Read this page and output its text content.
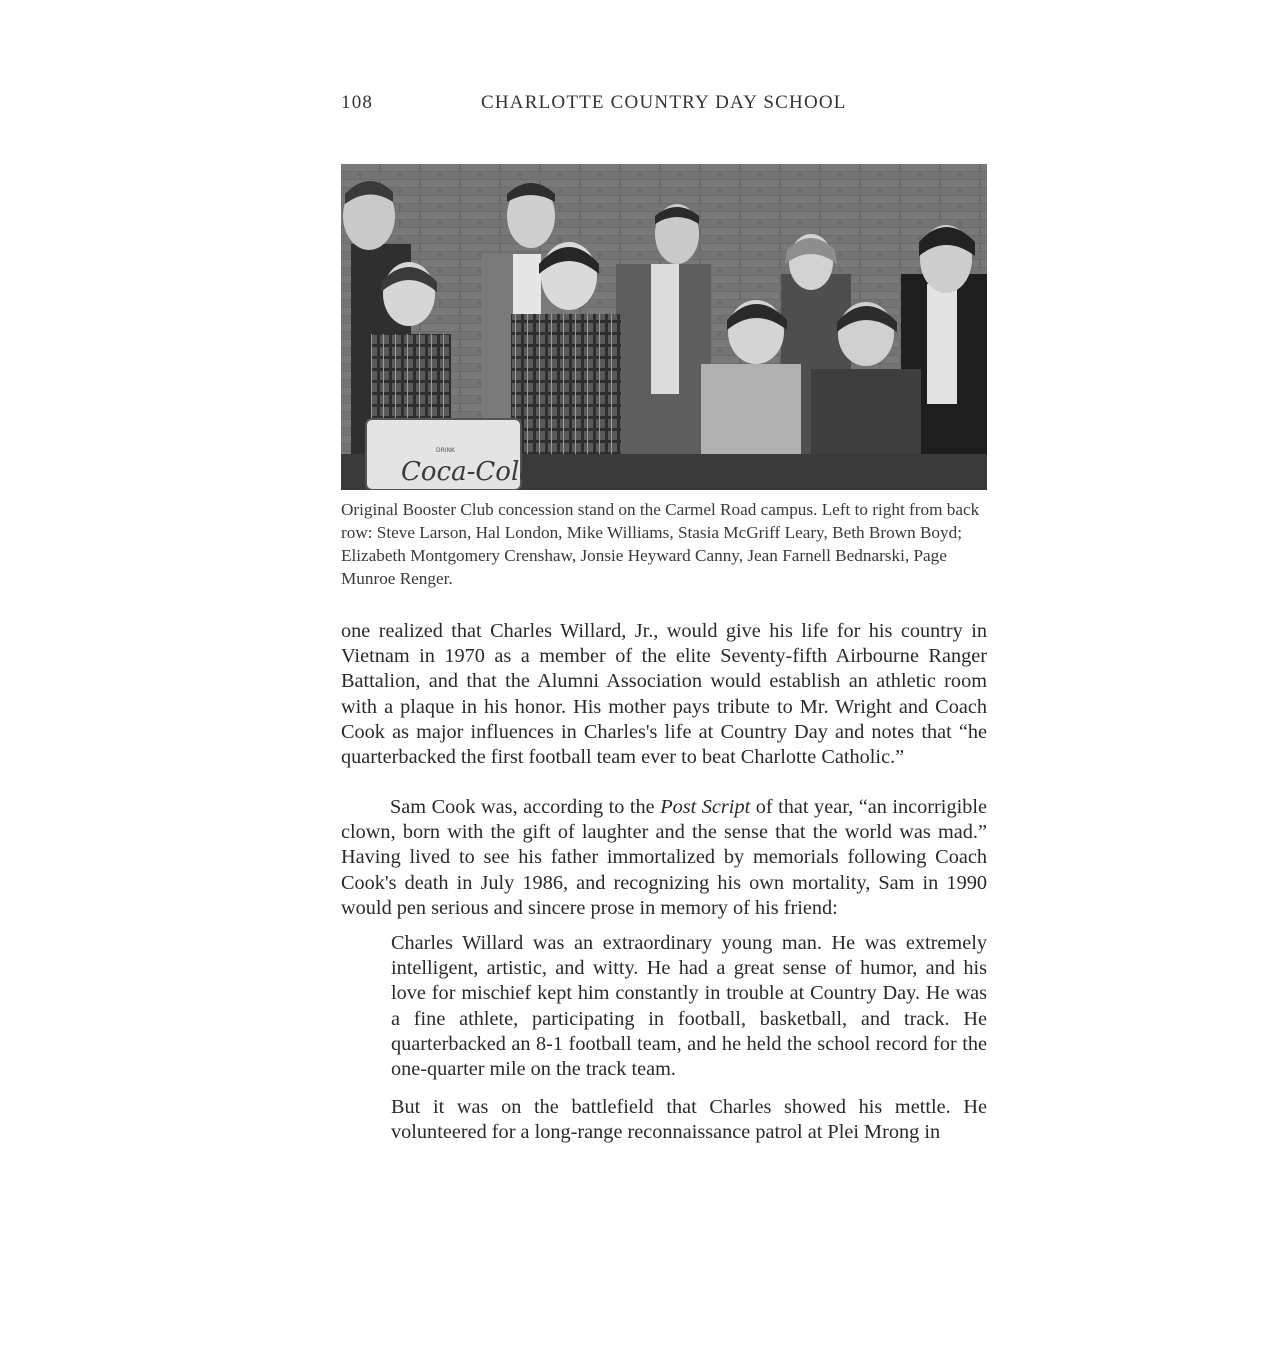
108	CHARLOTTE COUNTRY DAY SCHOOL
DRINK
Coca-Cola
Original Booster Club concession stand on the Carmel Road campus. Left to right from back row: Steve Larson, Hal London, Mike Williams, Stasia McGriff Leary, Beth Brown Boyd; Elizabeth Montgomery Crenshaw, Jonsie Heyward Canny, Jean Farnell Bednarski, Page Munroe Renger.

one realized that Charles Willard, Jr., would give his life for his country in Vietnam in 1970 as a member of the elite Seventy-fifth Airbourne Ranger Battalion, and that the Alumni Association would establish an athletic room with a plaque in his honor. His mother pays tribute to Mr. Wright and Coach Cook as major influences in Charles's life at Country Day and notes that “he quarterbacked the first football team ever to beat Charlotte Catholic.”

Sam Cook was, according to the Post Script of that year, “an incorrigible clown, born with the gift of laughter and the sense that the world was mad.” Having lived to see his father immortalized by memorials following Coach Cook's death in July 1986, and recognizing his own mortality, Sam in 1990 would pen serious and sincere prose in memory of his friend:

Charles Willard was an extraordinary young man. He was extremely intelligent, artistic, and witty. He had a great sense of humor, and his love for mischief kept him constantly in trouble at Country Day. He was a fine athlete, participating in football, basketball, and track. He quarterbacked an 8-1 football team, and he held the school record for the one-quarter mile on the track team.

But it was on the battlefield that Charles showed his mettle. He volunteered for a long-range reconnaissance patrol at Plei Mrong in
